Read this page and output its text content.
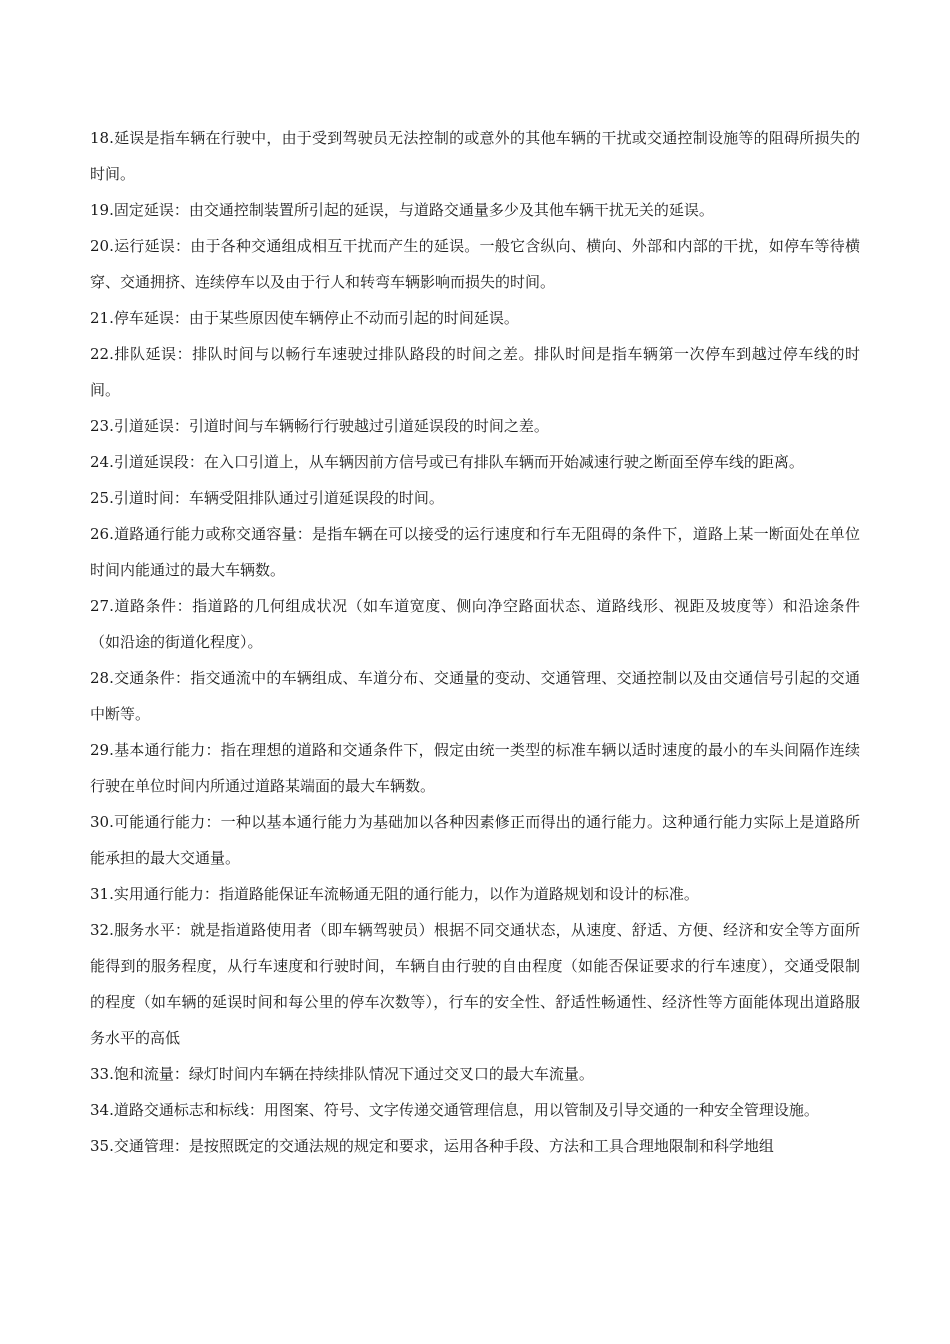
18.延误是指车辆在行驶中，由于受到驾驶员无法控制的或意外的其他车辆的干扰或交通控制设施等的阻碍所损失的时间。

19.固定延误：由交通控制装置所引起的延误，与道路交通量多少及其他车辆干扰无关的延误。

20.运行延误：由于各种交通组成相互干扰而产生的延误。一般它含纵向、横向、外部和内部的干扰，如停车等待横穿、交通拥挤、连续停车以及由于行人和转弯车辆影响而损失的时间。

21.停车延误：由于某些原因使车辆停止不动而引起的时间延误。

22.排队延误：排队时间与以畅行车速驶过排队路段的时间之差。排队时间是指车辆第一次停车到越过停车线的时间。

23.引道延误：引道时间与车辆畅行行驶越过引道延误段的时间之差。

24.引道延误段：在入口引道上，从车辆因前方信号或已有排队车辆而开始减速行驶之断面至停车线的距离。

25.引道时间：车辆受阻排队通过引道延误段的时间。

26.道路通行能力或称交通容量：是指车辆在可以接受的运行速度和行车无阻碍的条件下，道路上某一断面处在单位时间内能通过的最大车辆数。

27.道路条件：指道路的几何组成状况（如车道宽度、侧向净空路面状态、道路线形、视距及坡度等）和沿途条件（如沿途的街道化程度）。

28.交通条件：指交通流中的车辆组成、车道分布、交通量的变动、交通管理、交通控制以及由交通信号引起的交通中断等。

29.基本通行能力：指在理想的道路和交通条件下，假定由统一类型的标准车辆以适时速度的最小的车头间隔作连续行驶在单位时间内所通过道路某端面的最大车辆数。

30.可能通行能力：一种以基本通行能力为基础加以各种因素修正而得出的通行能力。这种通行能力实际上是道路所能承担的最大交通量。

31.实用通行能力：指道路能保证车流畅通无阻的通行能力，以作为道路规划和设计的标准。

32.服务水平：就是指道路使用者（即车辆驾驶员）根据不同交通状态，从速度、舒适、方便、经济和安全等方面所能得到的服务程度，从行车速度和行驶时间，车辆自由行驶的自由程度（如能否保证要求的行车速度），交通受限制的程度（如车辆的延误时间和每公里的停车次数等），行车的安全性、舒适性畅通性、经济性等方面能体现出道路服务水平的高低

33.饱和流量：绿灯时间内车辆在持续排队情况下通过交叉口的最大车流量。

34.道路交通标志和标线：用图案、符号、文字传递交通管理信息，用以管制及引导交通的一种安全管理设施。

35.交通管理：是按照既定的交通法规的规定和要求，运用各种手段、方法和工具合理地限制和科学地组
